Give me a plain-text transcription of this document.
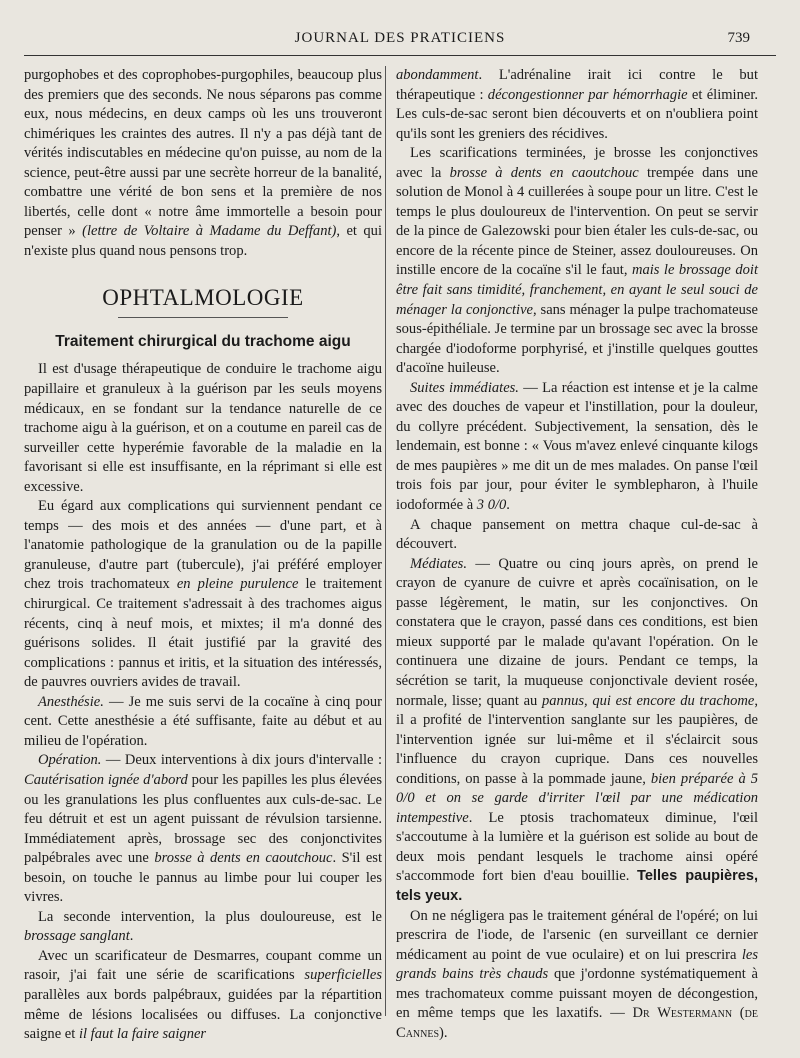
JOURNAL DES PRATICIENS	739

purgophobes et des coprophobes-purgophiles, beaucoup plus des premiers que des seconds. Ne nous séparons pas comme eux, nous médecins, en deux camps où les uns trouveront chimériques les craintes des autres. Il n'y a pas déjà tant de vérités indiscutables en médecine qu'on puisse, au nom de la science, peut-être aussi par une secrète horreur de la banalité, combattre une vérité de bon sens et la première de nos libertés, celle dont « notre âme immortelle a besoin pour penser » (lettre de Voltaire à Madame du Deffant), et qui n'existe plus quand nous pensons trop.

OPHTALMOLOGIE
Traitement chirurgical du trachome aigu

Il est d'usage thérapeutique de conduire le trachome aigu papillaire et granuleux à la guérison par les seuls moyens médicaux, en se fondant sur la tendance naturelle de ce trachome aigu à la guérison, et on a coutume en pareil cas de surveiller cette hyperémie favorable de la maladie en la favorisant si elle est insuffisante, en la réprimant si elle est excessive.

Eu égard aux complications qui surviennent pendant ce temps — des mois et des années — d'une part, et à l'anatomie pathologique de la granulation ou de la papille granuleuse, d'autre part (tubercule), j'ai préféré employer chez trois trachomateux en pleine purulence le traitement chirurgical. Ce traitement s'adressait à des trachomes aigus récents, cinq à neuf mois, et mixtes; il m'a donné des guérisons solides. Il était justifié par la gravité des complications : pannus et iritis, et la situation des intéressés, de pauvres ouvriers avides de travail.

Anesthésie. — Je me suis servi de la cocaïne à cinq pour cent. Cette anesthésie a été suffisante, faite au début et au milieu de l'opération.

Opération. — Deux interventions à dix jours d'intervalle : Cautérisation ignée d'abord pour les papilles les plus élevées ou les granulations les plus confluentes aux culs-de-sac. Le feu détruit et est un agent puissant de révulsion tarsienne. Immédiatement après, brossage sec des conjonctivites palpébrales avec une brosse à dents en caoutchouc. S'il est besoin, on touche le pannus au limbe pour lui couper les vivres.

La seconde intervention, la plus douloureuse, est le brossage sanglant.

Avec un scarificateur de Desmarres, coupant comme un rasoir, j'ai fait une série de scarifications superficielles parallèles aux bords palpébraux, guidées par la répartition même de lésions localisées ou diffuses. La conjonctive saigne et il faut la faire saigner

abondamment. L'adrénaline irait ici contre le but thérapeutique : décongestionner par hémorrhagie et éliminer. Les culs-de-sac seront bien découverts et on n'oubliera point qu'ils sont les greniers des récidives.

Les scarifications terminées, je brosse les conjonctives avec la brosse à dents en caoutchouc trempée dans une solution de Monol à 4 cuillerées à soupe pour un litre. C'est le temps le plus douloureux de l'intervention. On peut se servir de la pince de Galezowski pour bien étaler les culs-de-sac, ou encore de la récente pince de Steiner, assez douloureuses. On instille encore de la cocaïne s'il le faut, mais le brossage doit être fait sans timidité, franchement, en ayant le seul souci de ménager la conjonctive, sans ménager la pulpe trachomateuse sous-épithéliale. Je termine par un brossage sec avec la brosse chargée d'iodoforme porphyrisé, et j'instille quelques gouttes d'acoïne huileuse.

Suites immédiates. — La réaction est intense et je la calme avec des douches de vapeur et l'instillation, pour la douleur, du collyre précédent. Subjectivement, la sensation, dès le lendemain, est bonne : « Vous m'avez enlevé cinquante kilogs de mes paupières » me dit un de mes malades. On panse l'œil trois fois par jour, pour éviter le symblepharon, à l'huile iodoformée à 3 0/0.

A chaque pansement on mettra chaque cul-de-sac à découvert.

Médiates. — Quatre ou cinq jours après, on prend le crayon de cyanure de cuivre et après cocaïnisation, on le passe légèrement, le matin, sur les conjonctives. On constatera que le crayon, passé dans ces conditions, est bien mieux supporté par le malade qu'avant l'opération. On le continuera une dizaine de jours. Pendant ce temps, la sécrétion se tarit, la muqueuse conjonctivale devient rosée, normale, lisse; quant au pannus, qui est encore du trachome, il a profité de l'intervention sanglante sur les paupières, de l'intervention ignée sur lui-même et il s'éclaircit sous l'influence du crayon cuprique. Dans ces nouvelles conditions, on passe à la pommade jaune, bien préparée à 5 0/0 et on se garde d'irriter l'œil par une médication intempestive. Le ptosis trachomateux diminue, l'œil s'accoutume à la lumière et la guérison est solide au bout de deux mois pendant lesquels le trachome ainsi opéré s'accommode fort bien d'eau bouillie. Telles paupières, tels yeux.

On ne négligera pas le traitement général de l'opéré; on lui prescrira de l'iode, de l'arsenic (en surveillant ce dernier médicament au point de vue oculaire) et on lui prescrira les grands bains très chauds que j'ordonne systématiquement à mes trachomateux comme puissant moyen de décongestion, en même temps que les laxatifs. — Dr Westermann (de Cannes).
